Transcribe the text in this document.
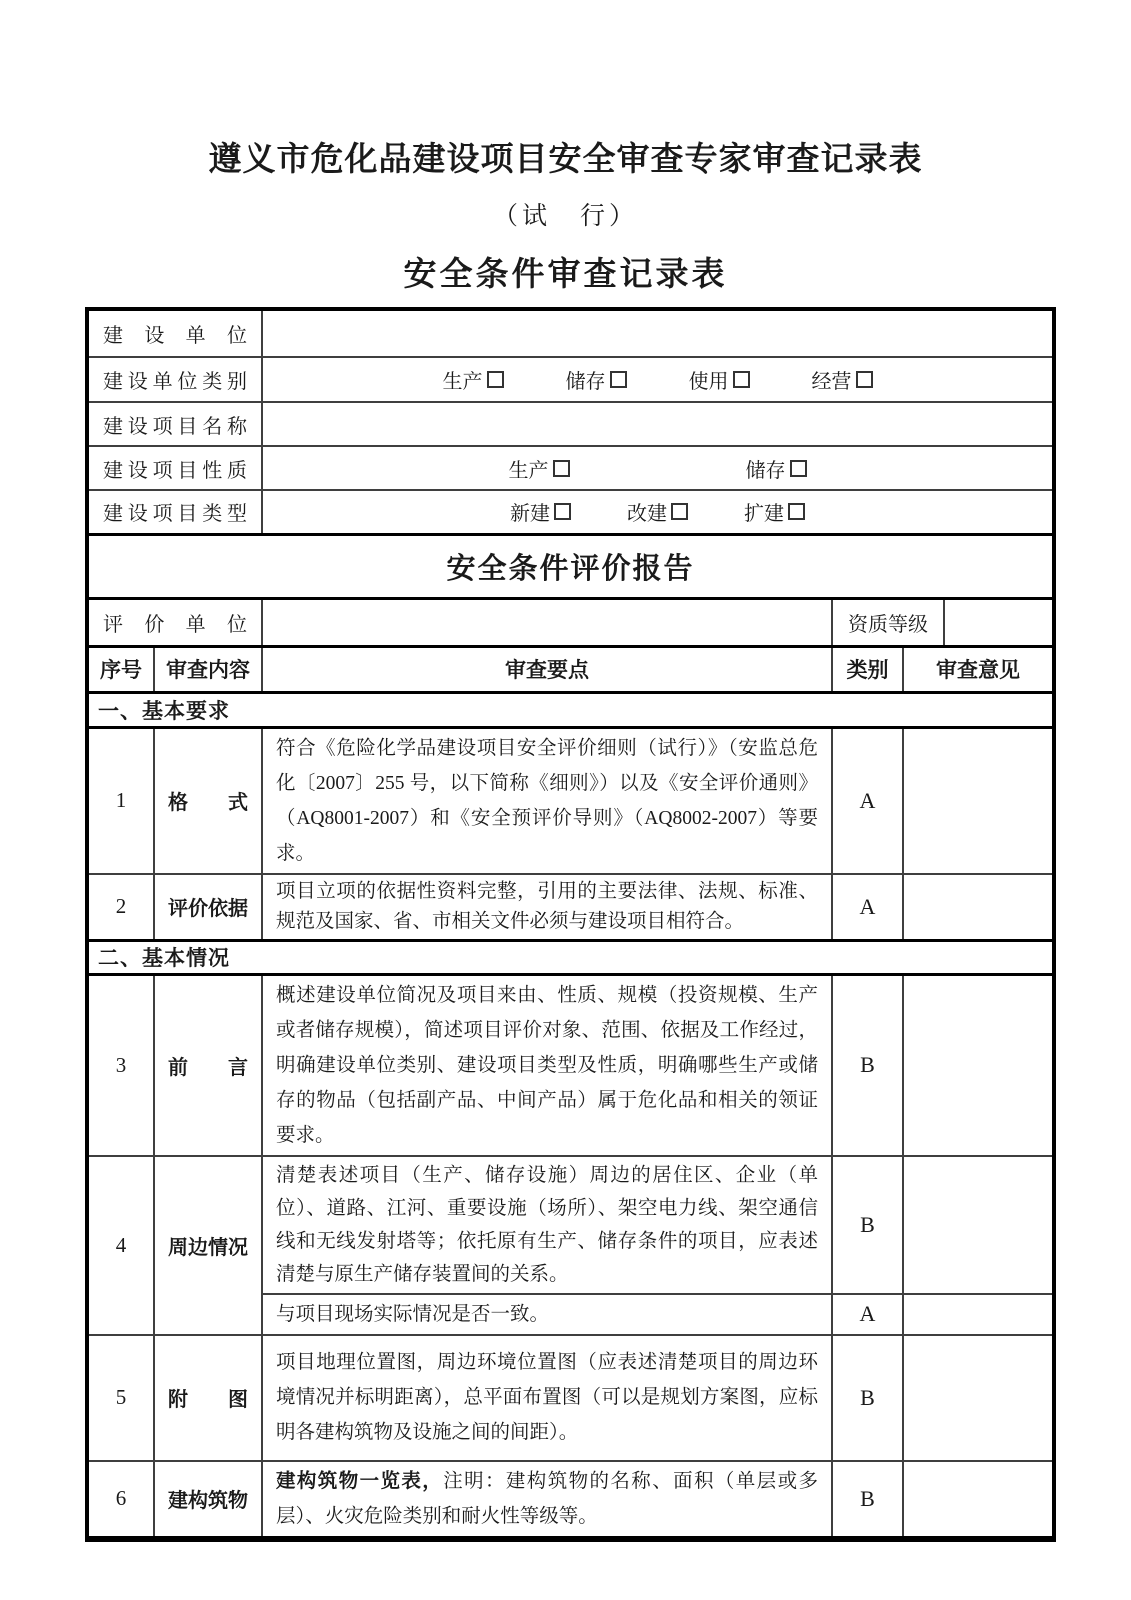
遵义市危化品建设项目安全审查专家审查记录表
（试　行）
安全条件审查记录表
建　设　单　位					
建设单位类别		生产 储存 使用 经营			

建设项目名称					
建设项目性质		生产 储存			

建设项目类型		新建 改建 扩建			

安全条件评价报告					
评　价　单　位			资质等级		
序号	审查内容	审查要点	类别	审查意见	
一、基本要求					
1	格　　式	符合《危险化学品建设项目安全评价细则（试行）》（安监总危化〔2007〕255 号，以下简称《细则》）以及《安全评价通则》（AQ8001-2007）和《安全预评价导则》（AQ8002-2007）等要求。	A		
2	评价依据	项目立项的依据性资料完整，引用的主要法律、法规、标准、规范及国家、省、市相关文件必须与建设项目相符合。	A		
二、基本情况					
3	前　　言	概述建设单位简况及项目来由、性质、规模（投资规模、生产或者储存规模），简述项目评价对象、范围、依据及工作经过，明确建设单位类别、建设项目类型及性质，明确哪些生产或储存的物品（包括副产品、中间产品）属于危化品和相关的领证要求。	B		
4	周边情况	清楚表述项目（生产、储存设施）周边的居住区、企业（单位）、道路、江河、重要设施（场所）、架空电力线、架空通信线和无线发射塔等；依托原有生产、储存条件的项目，应表述清楚与原生产储存装置间的关系。	B		
		与项目现场实际情况是否一致。	A		
5	附　　图	项目地理位置图，周边环境位置图（应表述清楚项目的周边环境情况并标明距离），总平面布置图（可以是规划方案图，应标明各建构筑物及设施之间的间距）。	B		
6	建构筑物	建构筑物一览表，注明：建构筑物的名称、面积（单层或多层）、火灾危险类别和耐火性等级等。	B		
